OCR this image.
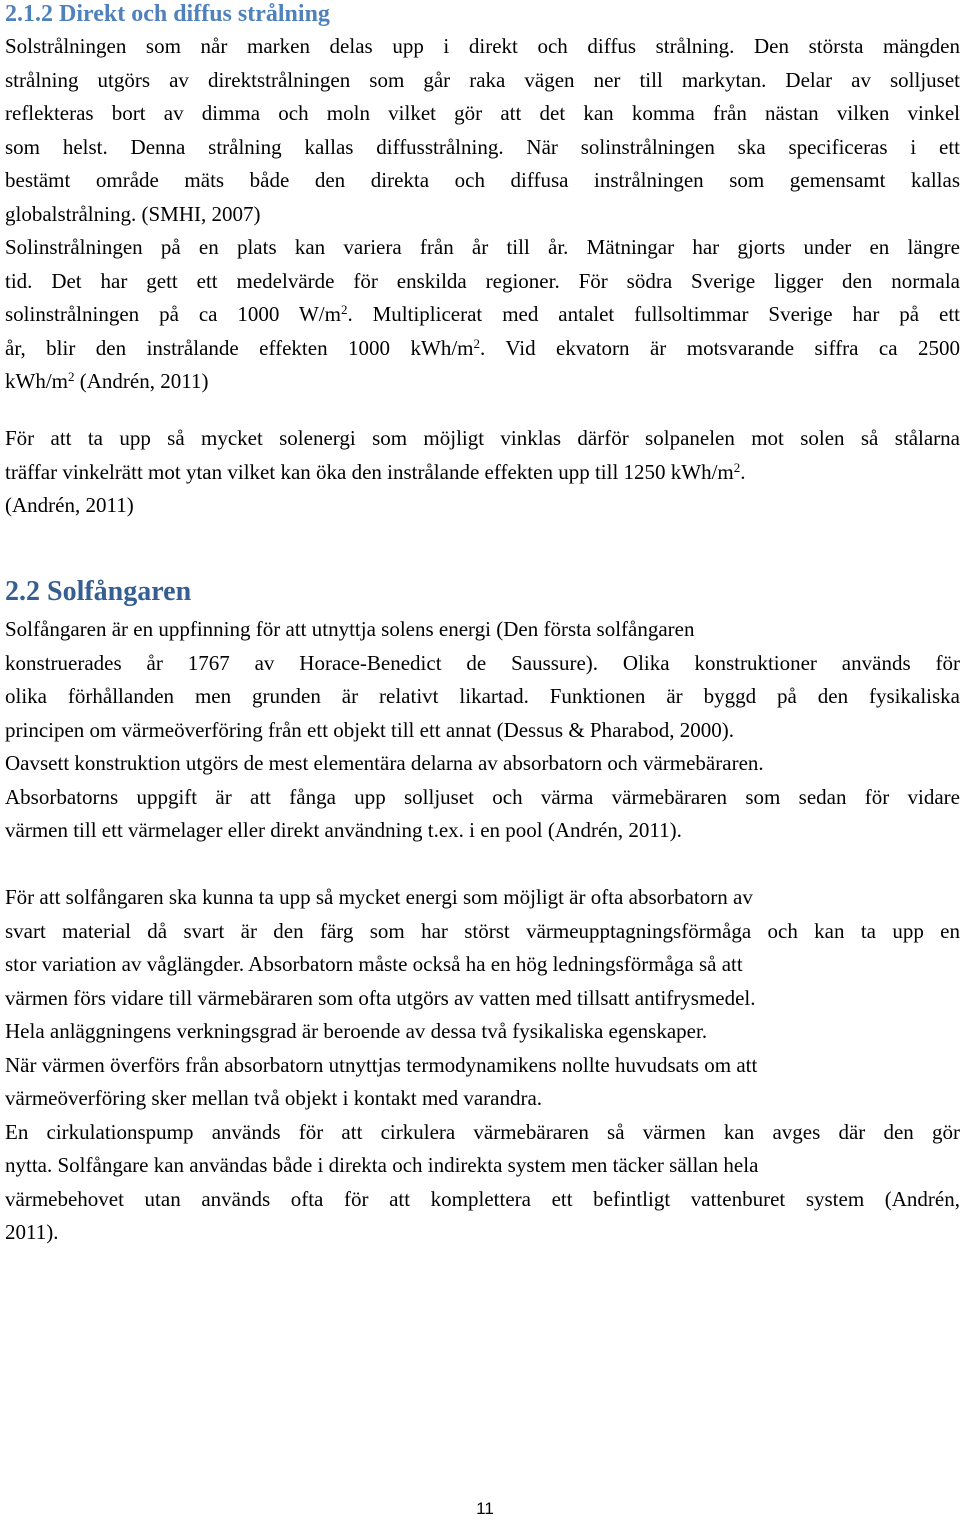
2.1.2 Direkt och diffus strålning
Solstrålningen som når marken delas upp i direkt och diffus strålning. Den största mängden
strålning utgörs av direktstrålningen som går raka vägen ner till markytan. Delar av solljuset
reflekteras bort av dimma och moln vilket gör att det kan komma från nästan vilken vinkel
som helst. Denna strålning kallas diffusstrålning. När solinstrålningen ska specificeras i ett
bestämt område mäts både den direkta och diffusa instrålningen som gemensamt kallas
globalstrålning. (SMHI, 2007)
Solinstrålningen på en plats kan variera från år till år. Mätningar har gjorts under en längre
tid. Det har gett ett medelvärde för enskilda regioner. För södra Sverige ligger den normala
solinstrålningen på ca 1000 $W/m^2$. Multiplicerat med antalet fullsoltimmar Sverige har på ett
år, blir den instrålande effekten 1000 kWh/$m^2$. Vid ekvatorn är motsvarande siffra ca 2500
kWh/$m^2$ (Andrén, 2011)
För att ta upp så mycket solenergi som möjligt vinklas därför solpanelen mot solen så stålarna
träffar vinkelrätt mot ytan vilket kan öka den instrålande effekten upp till 1250 kWh/$m^2$.
(Andrén, 2011)
2.2 Solfångaren
Solfångaren är en uppfinning för att utnyttja solens energi (Den första solfångaren
konstruerades år 1767 av Horace-Benedict de Saussure). Olika konstruktioner används för
olika förhållanden men grunden är relativt likartad. Funktionen är byggd på den fysikaliska
principen om värmeöverföring från ett objekt till ett annat (Dessus & Pharabod, 2000).
Oavsett konstruktion utgörs de mest elementära delarna av absorbatorn och värmebäraren.
Absorbatorns uppgift är att fånga upp solljuset och värma värmebäraren som sedan för vidare
värmen till ett värmelager eller direkt användning t.ex. i en pool (Andrén, 2011).
För att solfångaren ska kunna ta upp så mycket energi som möjligt är ofta absorbatorn av
svart material då svart är den färg som har störst värmeupptagningsförmåga och kan ta upp en
stor variation av våglängder. Absorbatorn måste också ha en hög ledningsförmåga så att
värmen förs vidare till värmebäraren som ofta utgörs av vatten med tillsatt antifrysmedel.
Hela anläggningens verkningsgrad är beroende av dessa två fysikaliska egenskaper.
När värmen överförs från absorbatorn utnyttjas termodynamikens nollte huvudsats om att
värmeöverföring sker mellan två objekt i kontakt med varandra.
En cirkulationspump används för att cirkulera värmebäraren så värmen kan avges där den gör
nytta. Solfångare kan användas både i direkta och indirekta system men täcker sällan hela
värmebehovet utan används ofta för att komplettera ett befintligt vattenburet system (Andrén,
2011).
11
